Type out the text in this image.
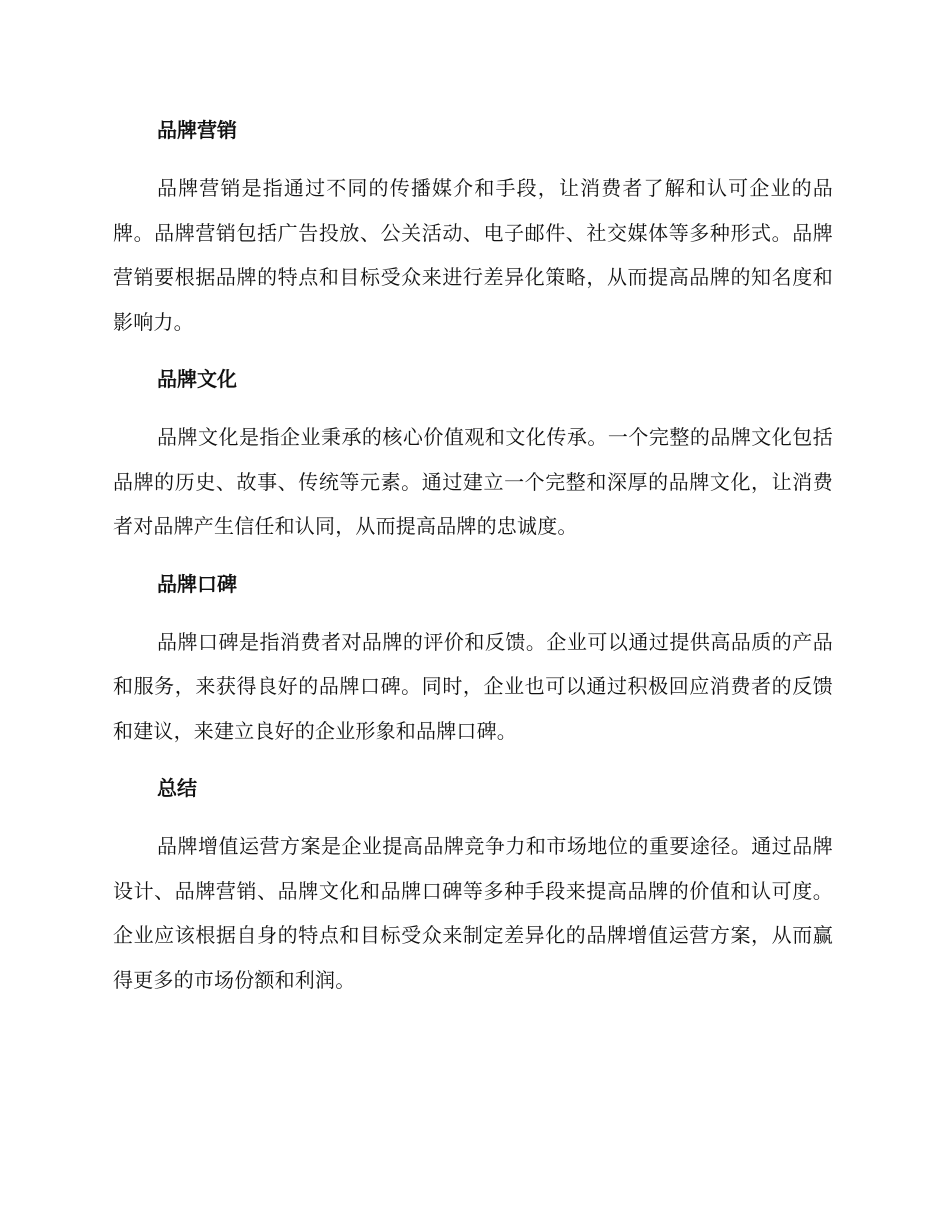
品牌营销

品牌营销是指通过不同的传播媒介和手段，让消费者了解和认可企业的品牌。品牌营销包括广告投放、公关活动、电子邮件、社交媒体等多种形式。品牌营销要根据品牌的特点和目标受众来进行差异化策略，从而提高品牌的知名度和影响力。

品牌文化

品牌文化是指企业秉承的核心价值观和文化传承。一个完整的品牌文化包括品牌的历史、故事、传统等元素。通过建立一个完整和深厚的品牌文化，让消费者对品牌产生信任和认同，从而提高品牌的忠诚度。

品牌口碑

品牌口碑是指消费者对品牌的评价和反馈。企业可以通过提供高品质的产品和服务，来获得良好的品牌口碑。同时，企业也可以通过积极回应消费者的反馈和建议，来建立良好的企业形象和品牌口碑。

总结

品牌增值运营方案是企业提高品牌竞争力和市场地位的重要途径。通过品牌设计、品牌营销、品牌文化和品牌口碑等多种手段来提高品牌的价值和认可度。企业应该根据自身的特点和目标受众来制定差异化的品牌增值运营方案，从而赢得更多的市场份额和利润。
